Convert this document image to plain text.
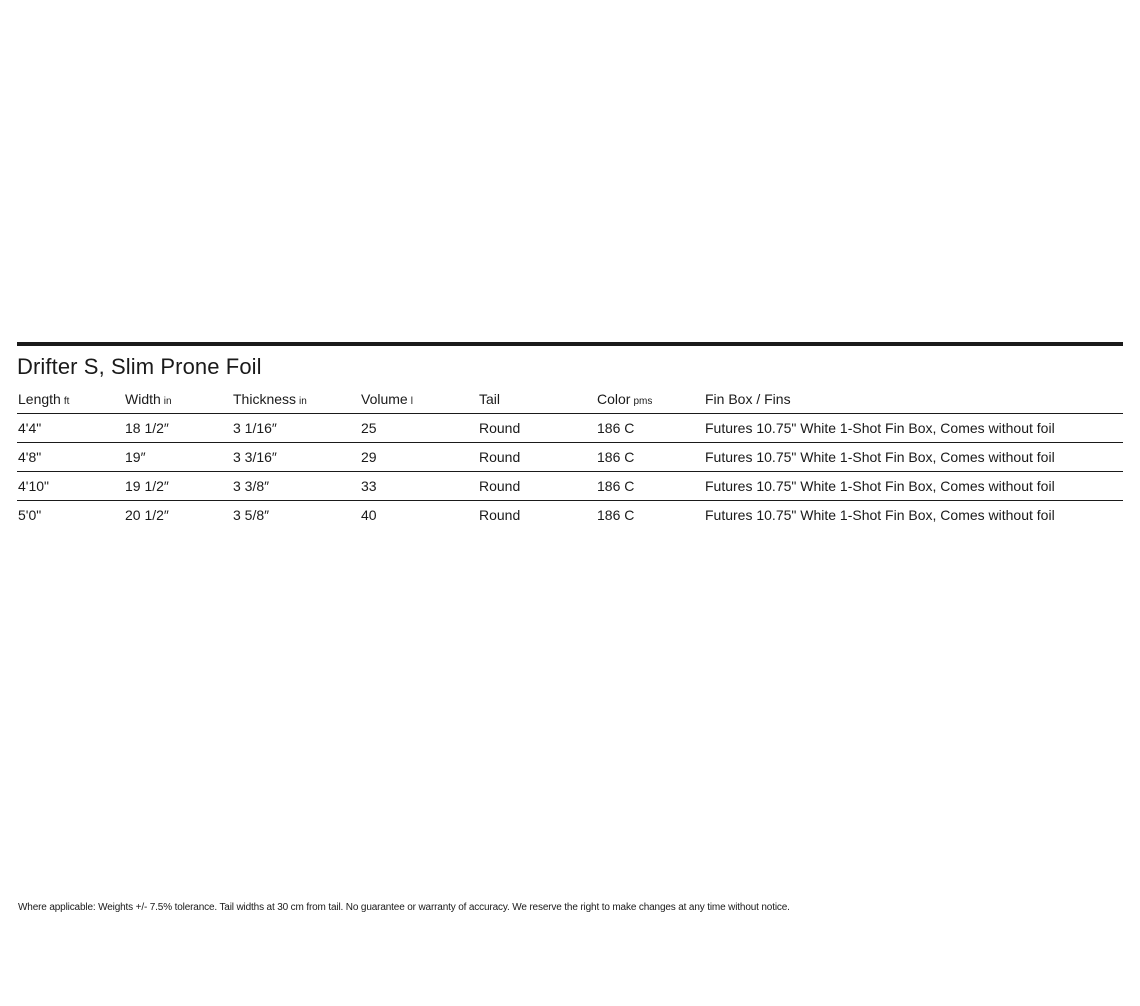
Drifter S, Slim Prone Foil
Length ft	Width in	Thickness in	Volume l	Tail	Color pms	Fin Box / Fins
4'4"	18 1/2″	3 1/16″	25	Round	186 C	Futures 10.75" White 1-Shot Fin Box, Comes without foil
4'8"	19″	3 3/16″	29	Round	186 C	Futures 10.75" White 1-Shot Fin Box, Comes without foil
4'10"	19 1/2″	3 3/8″	33	Round	186 C	Futures 10.75" White 1-Shot Fin Box, Comes without foil
5'0"	20 1/2″	3 5/8″	40	Round	186 C	Futures 10.75" White 1-Shot Fin Box, Comes without foil
Where applicable: Weights +/- 7.5% tolerance. Tail widths at 30 cm from tail. No guarantee or warranty of accuracy. We reserve the right to make changes at any time without notice.
